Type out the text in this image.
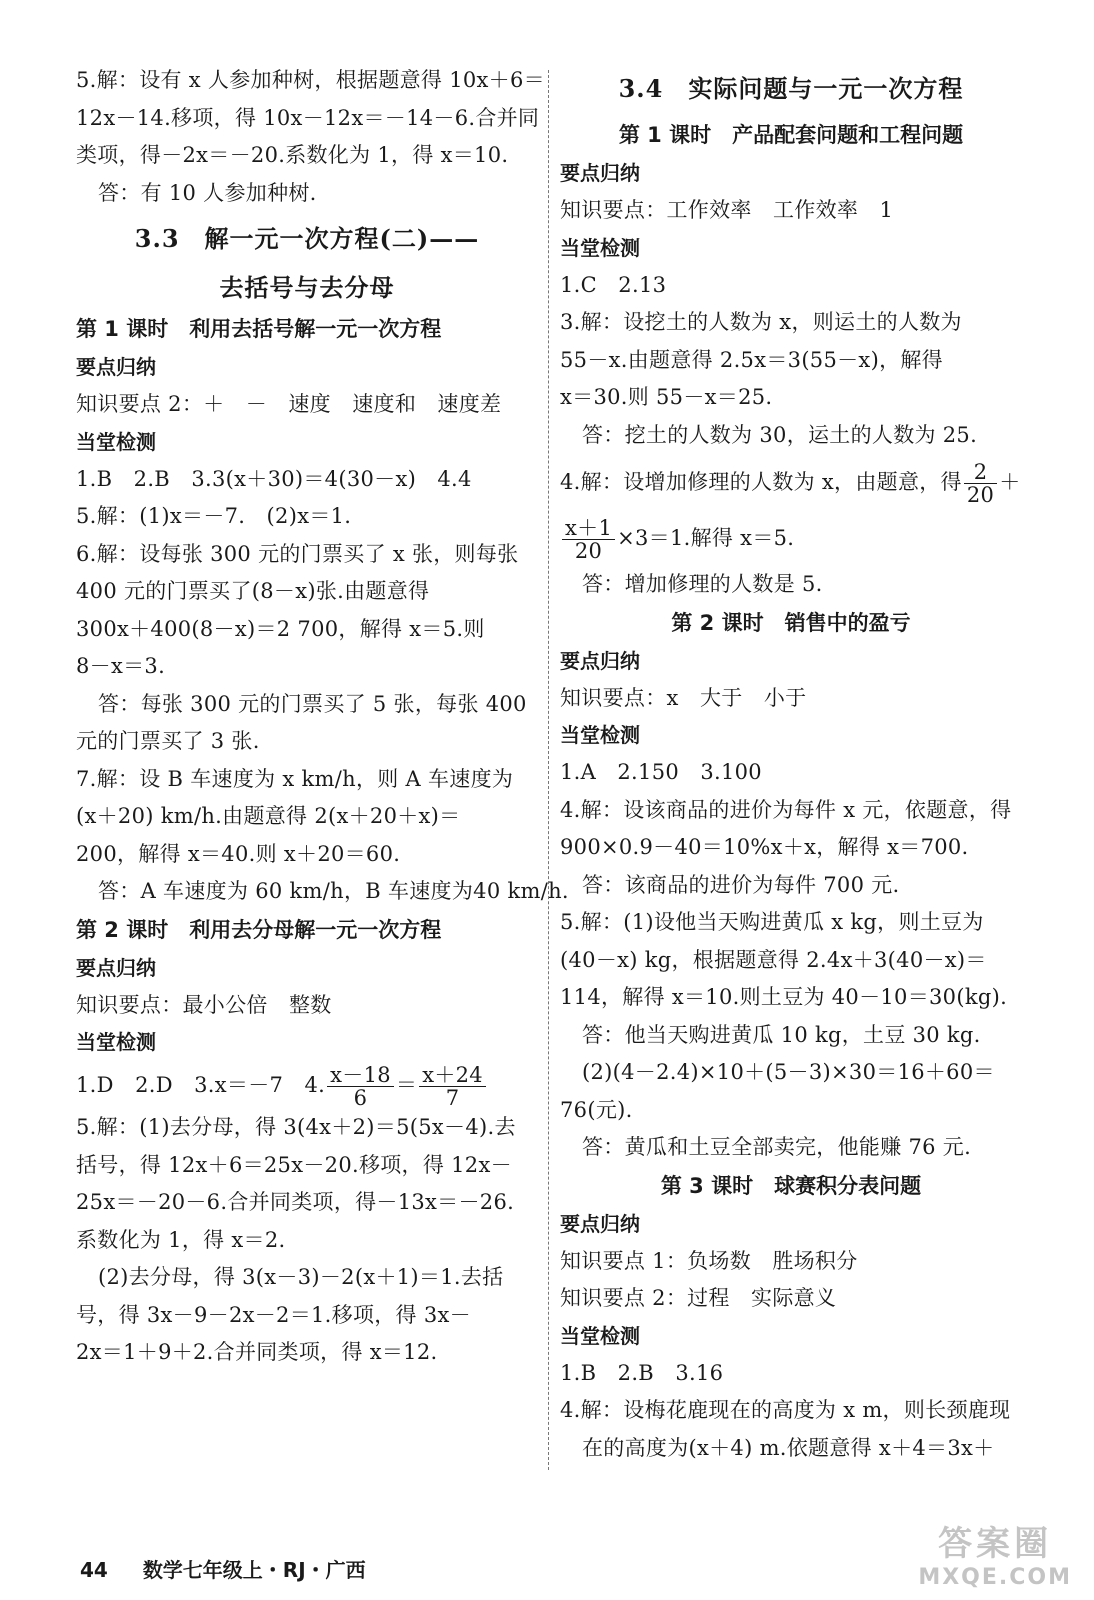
5.解：设有 x 人参加种树，根据题意得 10x＋6＝
12x－14.移项，得 10x－12x＝－14－6.合并同
类项，得－2x＝－20.系数化为 1，得 x＝10.
答：有 10 人参加种树.
3.3　解一元一次方程(二)——
去括号与去分母
第 1 课时　利用去括号解一元一次方程
要点归纳
知识要点 2：＋　－　速度　速度和　速度差
当堂检测
1.B　2.B　3.3(x＋30)＝4(30－x)　4.4
5.解：(1)x＝－7.　(2)x＝1.
6.解：设每张 300 元的门票买了 x 张，则每张
400 元的门票买了(8－x)张.由题意得
300x＋400(8－x)＝2 700，解得 x＝5.则
8－x＝3.
答：每张 300 元的门票买了 5 张，每张 400
元的门票买了 3 张.
7.解：设 B 车速度为 x km/h，则 A 车速度为
(x＋20) km/h.由题意得 2(x＋20＋x)＝
200，解得 x＝40.则 x＋20＝60.
答：A 车速度为 60 km/h，B 车速度为40 km/h.
第 2 课时　利用去分母解一元一次方程
要点归纳
知识要点：最小公倍　整数
当堂检测
1.D　2.D　3.x＝－7　4. $\frac{x-18}{6} = \frac{x+24}{7}$
5.解：(1)去分母，得 3(4x＋2)＝5(5x－4).去
括号，得 12x＋6＝25x－20.移项，得 12x－
25x＝－20－6.合并同类项，得－13x＝－26.
系数化为 1，得 x＝2.
(2)去分母，得 3(x－3)－2(x＋1)＝1.去括
号，得 3x－9－2x－2＝1.移项，得 3x－
2x＝1＋9＋2.合并同类项，得 x＝12.
3.4　实际问题与一元一次方程
第 1 课时　产品配套问题和工程问题
要点归纳
知识要点：工作效率　工作效率　1
当堂检测
1.C　2.13
3.解：设挖土的人数为 x，则运土的人数为
55－x.由题意得 2.5x＝3(55－x)，解得
x＝30.则 55－x＝25.
答：挖土的人数为 30，运土的人数为 25.
4.解：设增加修理的人数为 x，由题意，得 $\frac{2}{20}$ ＋
$\frac{x+1}{20} \times 3=1$.解得 x＝5.
答：增加修理的人数是 5.
第 2 课时　销售中的盈亏
要点归纳
知识要点：x　大于　小于
当堂检测
1.A　2.150　3.100
4.解：设该商品的进价为每件 x 元，依题意，得
900×0.9－40＝10%x＋x，解得 x＝700.
答：该商品的进价为每件 700 元.
5.解：(1)设他当天购进黄瓜 x kg，则土豆为
(40－x) kg，根据题意得 2.4x＋3(40－x)＝
114，解得 x＝10.则土豆为 40－10＝30(kg).
答：他当天购进黄瓜 10 kg，土豆 30 kg.
(2)(4－2.4)×10＋(5－3)×30＝16＋60＝
76(元).
答：黄瓜和土豆全部卖完，他能赚 76 元.
第 3 课时　球赛积分表问题
要点归纳
知识要点 1：负场数　胜场积分
知识要点 2：过程　实际意义
当堂检测
1.B　2.B　3.16
4.解：设梅花鹿现在的高度为 x m，则长颈鹿现
在的高度为(x＋4) m.依题意得 x＋4＝3x＋
44 数学七年级上・RJ・广西
答案圈
MXQE.COM
